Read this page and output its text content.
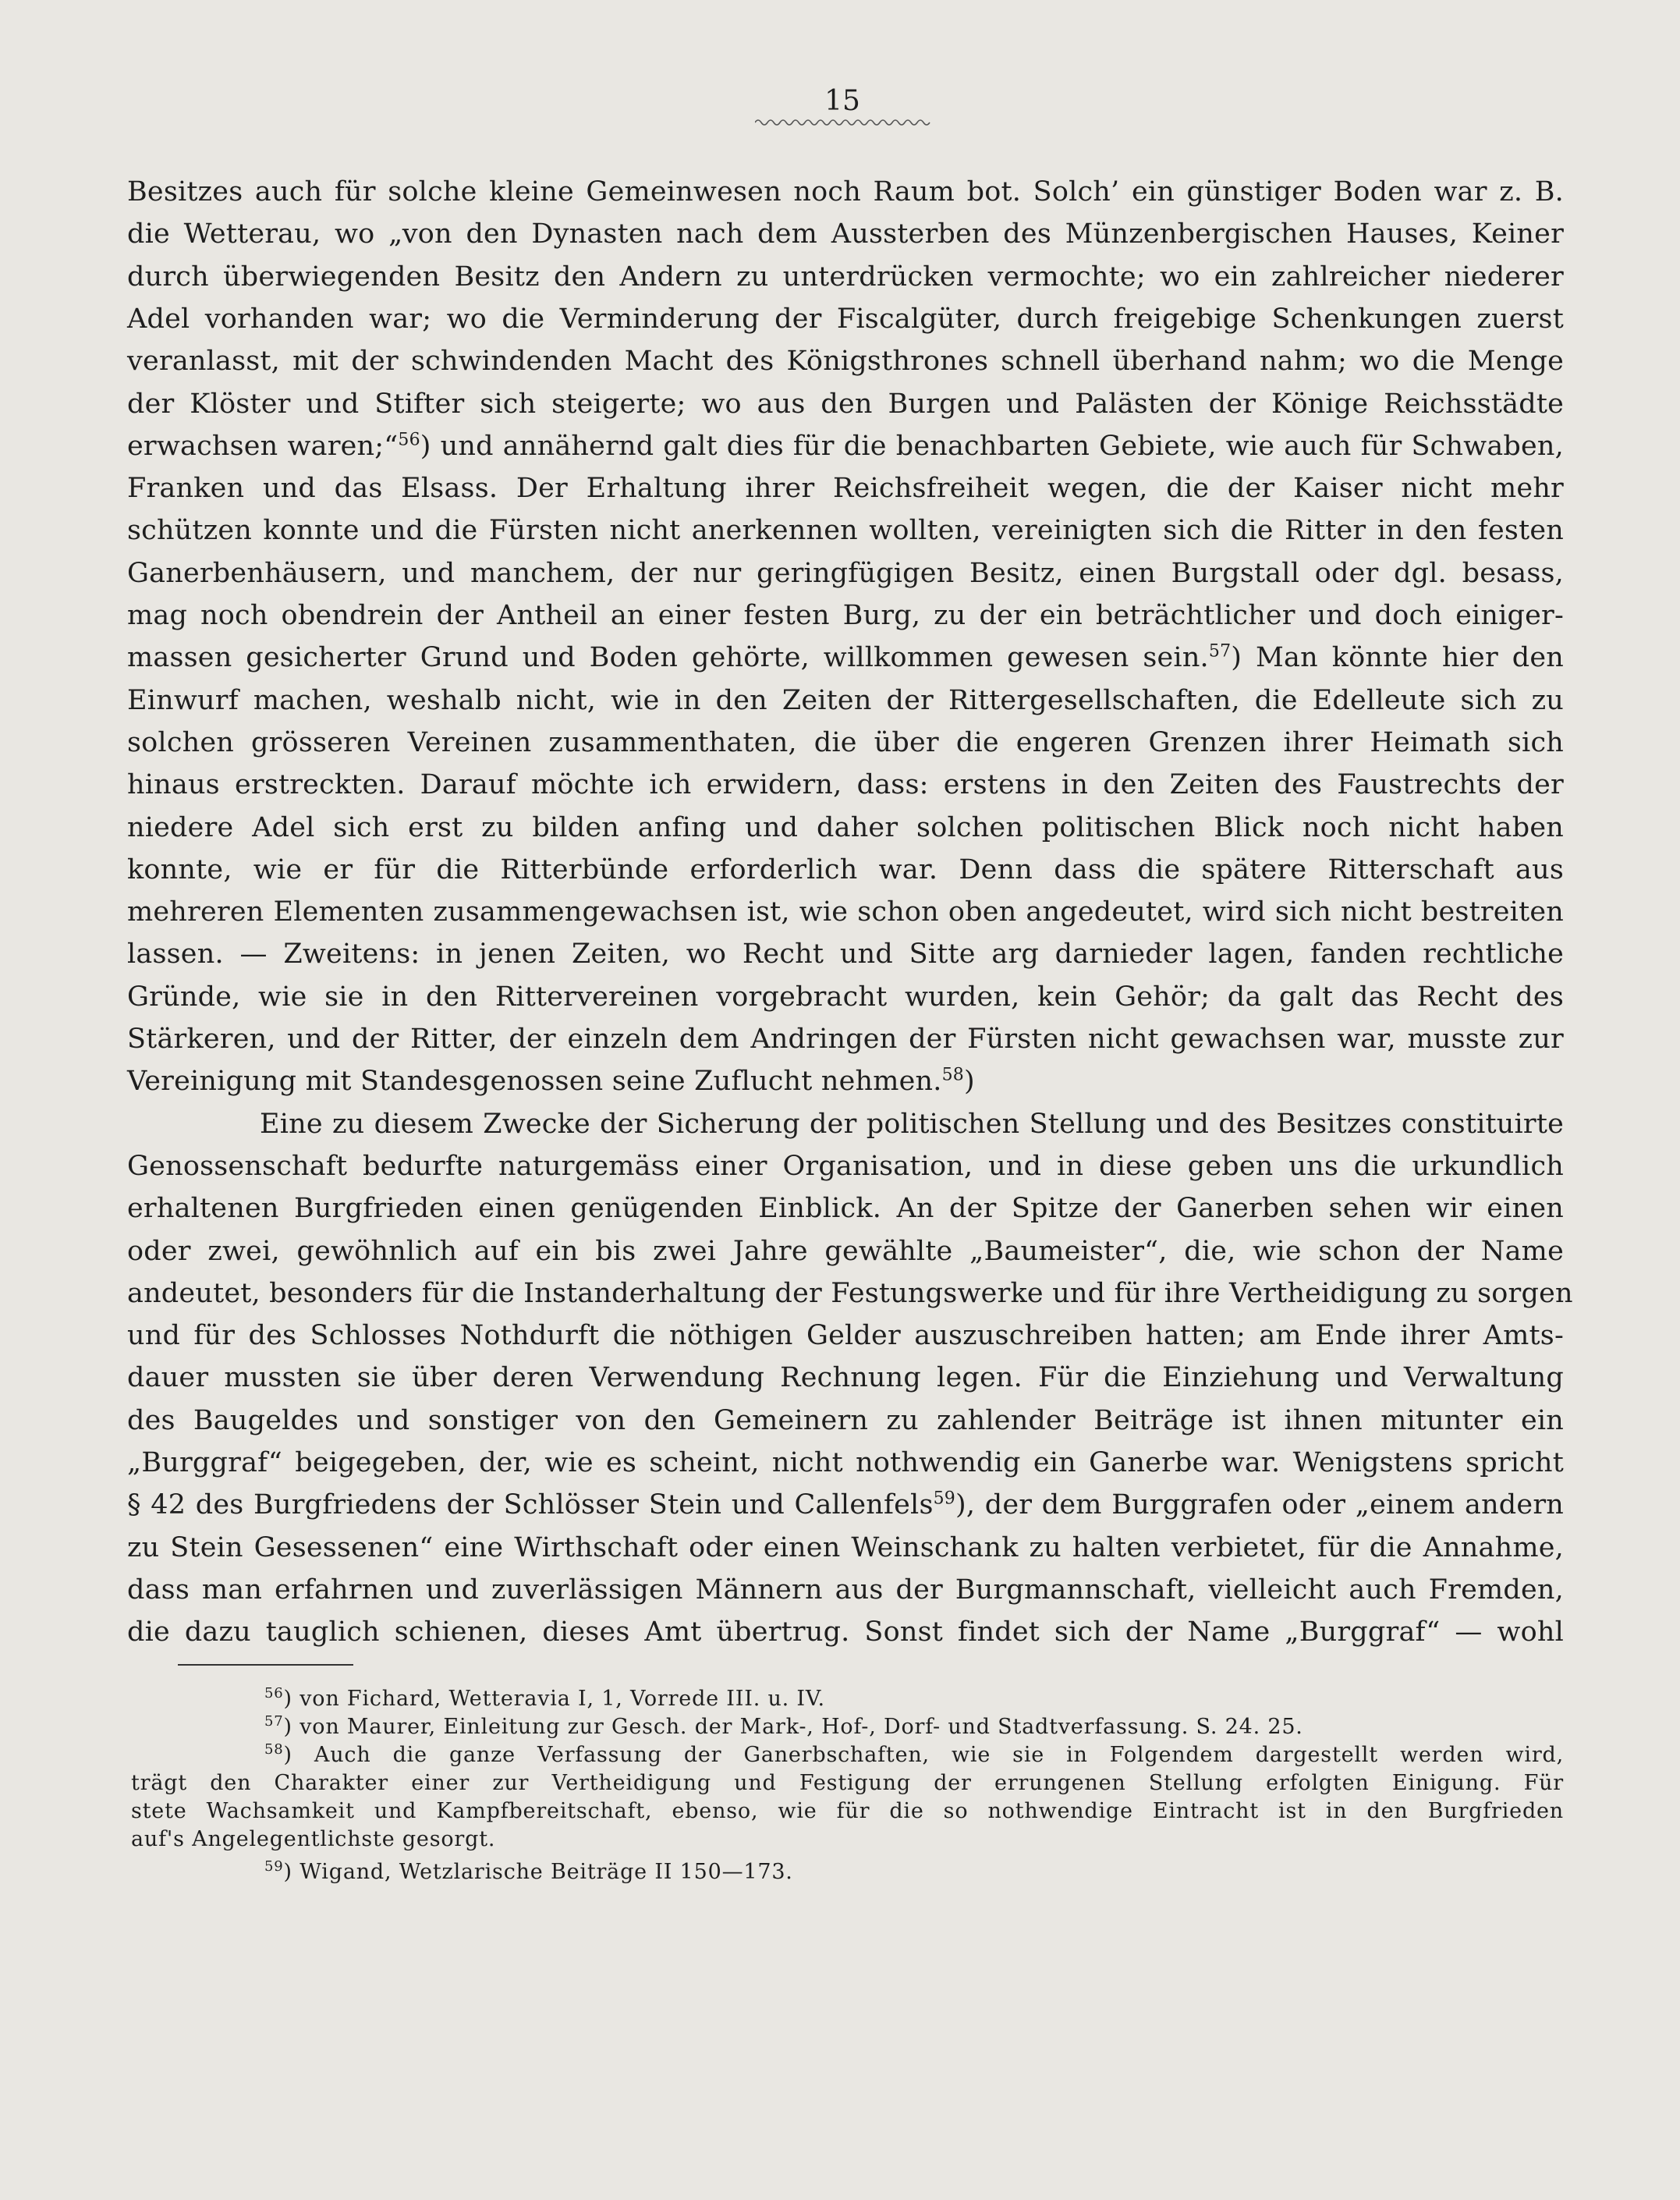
15
Besitzes auch für solche kleine Gemeinwesen noch Raum bot. Solch’ ein günstiger Boden war z. B.
die Wetterau, wo „von den Dynasten nach dem Aussterben des Münzenbergischen Hauses, Keiner
durch überwiegenden Besitz den Andern zu unterdrücken vermochte; wo ein zahlreicher niederer
Adel vorhanden war; wo die Verminderung der Fiscalgüter, durch freigebige Schenkungen zuerst
veranlasst, mit der schwindenden Macht des Königsthrones schnell überhand nahm; wo die Menge
der Klöster und Stifter sich steigerte; wo aus den Burgen und Palästen der Könige Reichsstädte
erwachsen waren;“$^{56}$) und annähernd galt dies für die benachbarten Gebiete, wie auch für Schwaben,
Franken und das Elsass. Der Erhaltung ihrer Reichsfreiheit wegen, die der Kaiser nicht mehr
schützen konnte und die Fürsten nicht anerkennen wollten, vereinigten sich die Ritter in den festen
Ganerbenhäusern, und manchem, der nur geringfügigen Besitz, einen Burgstall oder dgl. besass,
mag noch obendrein der Antheil an einer festen Burg, zu der ein beträchtlicher und doch einiger-
massen gesicherter Grund und Boden gehörte, willkommen gewesen sein.$^{57}$) Man könnte hier den
Einwurf machen, weshalb nicht, wie in den Zeiten der Rittergesellschaften, die Edelleute sich zu
solchen grösseren Vereinen zusammenthaten, die über die engeren Grenzen ihrer Heimath sich
hinaus erstreckten. Darauf möchte ich erwidern, dass: erstens in den Zeiten des Faustrechts der
niedere Adel sich erst zu bilden anfing und daher solchen politischen Blick noch nicht haben
konnte, wie er für die Ritterbünde erforderlich war. Denn dass die spätere Ritterschaft aus
mehreren Elementen zusammengewachsen ist, wie schon oben angedeutet, wird sich nicht bestreiten
lassen. — Zweitens: in jenen Zeiten, wo Recht und Sitte arg darnieder lagen, fanden rechtliche
Gründe, wie sie in den Rittervereinen vorgebracht wurden, kein Gehör; da galt das Recht des
Stärkeren, und der Ritter, der einzeln dem Andringen der Fürsten nicht gewachsen war, musste zur
Vereinigung mit Standesgenossen seine Zuflucht nehmen.$^{58}$)
Eine zu diesem Zwecke der Sicherung der politischen Stellung und des Besitzes constituirte
Genossenschaft bedurfte naturgemäss einer Organisation, und in diese geben uns die urkundlich
erhaltenen Burgfrieden einen genügenden Einblick. An der Spitze der Ganerben sehen wir einen
oder zwei, gewöhnlich auf ein bis zwei Jahre gewählte „Baumeister“, die, wie schon der Name
andeutet, besonders für die Instanderhaltung der Festungswerke und für ihre Vertheidigung zu sorgen
und für des Schlosses Nothdurft die nöthigen Gelder auszuschreiben hatten; am Ende ihrer Amts-
dauer mussten sie über deren Verwendung Rechnung legen. Für die Einziehung und Verwaltung
des Baugeldes und sonstiger von den Gemeinern zu zahlender Beiträge ist ihnen mitunter ein
„Burggraf“ beigegeben, der, wie es scheint, nicht nothwendig ein Ganerbe war. Wenigstens spricht
§ 42 des Burgfriedens der Schlösser Stein und Callenfels$^{59}$), der dem Burggrafen oder „einem andern
zu Stein Gesessenen“ eine Wirthschaft oder einen Weinschank zu halten verbietet, für die Annahme,
dass man erfahrnen und zuverlässigen Männern aus der Burgmannschaft, vielleicht auch Fremden,
die dazu tauglich schienen, dieses Amt übertrug. Sonst findet sich der Name „Burggraf“ — wohl
$^{56}$) von Fichard, Wetteravia I, 1, Vorrede III. u. IV.
$^{57}$) von Maurer, Einleitung zur Gesch. der Mark-, Hof-, Dorf- und Stadtverfassung. S. 24. 25.
$^{58}$) Auch die ganze Verfassung der Ganerbschaften, wie sie in Folgendem dargestellt werden wird,
trägt den Charakter einer zur Vertheidigung und Festigung der errungenen Stellung erfolgten Einigung. Für
stete Wachsamkeit und Kampfbereitschaft, ebenso, wie für die so nothwendige Eintracht ist in den Burgfrieden
auf's Angelegentlichste gesorgt.
$^{59}$) Wigand, Wetzlarische Beiträge II 150—173.
